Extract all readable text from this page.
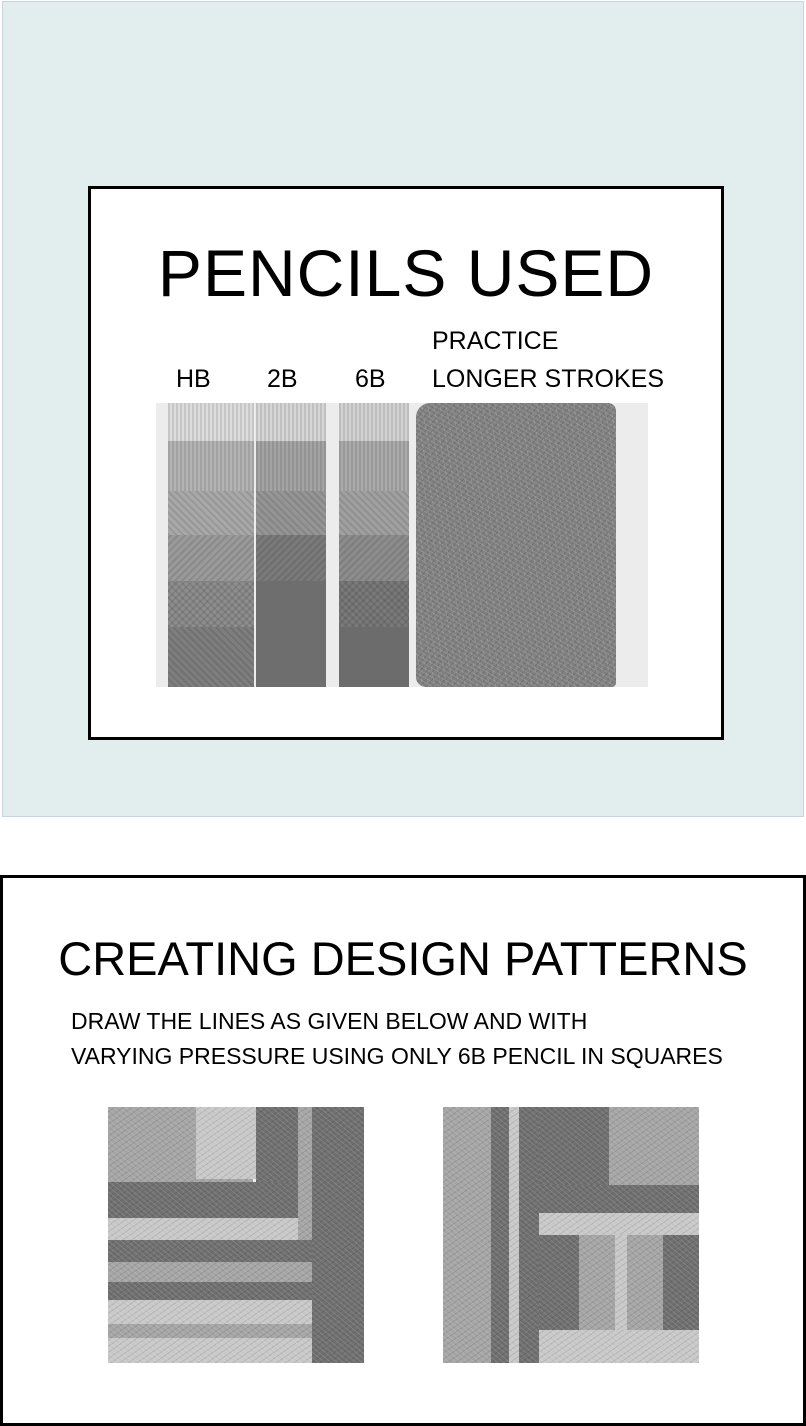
PENCILS USED
HB 2B 6B
PRACTICE
LONGER STROKES
CREATING DESIGN PATTERNS
DRAW THE LINES AS GIVEN BELOW AND WITH
VARYING PRESSURE USING ONLY 6B PENCIL IN SQUARES
